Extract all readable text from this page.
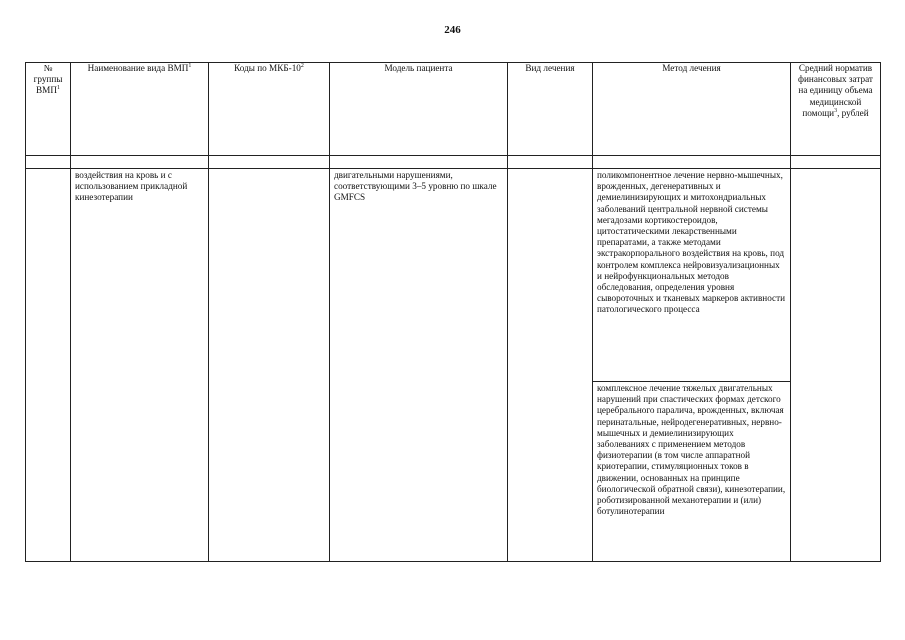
246
№ группы ВМП$^1$	Наименование вида ВМП$^1$	Коды по МКБ-$10^2$	Модель пациента	Вид лечения	Метод лечения	Средний норматив финансовых затрат на единицу объема медицинской помощи$^3$, рублей

	воздействия на кровь и с использованием прикладной кинезотерапии		двигательными нарушениями, соответствующими 3–5 уровню по шкале GMFCS		поликомпонентное лечение нервно-мышечных, врожденных, дегенеративных и демиелинизирующих и митохондриальных заболеваний центральной нервной системы мегадозами кортикостероидов, цитостатическими лекарственными препаратами, а также методами экстракорпорального воздействия на кровь, под контролем комплекса нейровизуализационных и нейрофункциональных методов обследования, определения уровня сывороточных и тканевых маркеров активности патологического процесса	

					комплексное лечение тяжелых двигательных нарушений при спастических формах детского церебрального паралича, врожденных, включая перинатальные, нейродегенеративных, нервно-мышечных и демиелинизирующих заболеваниях с применением методов физиотерапии (в том числе аппаратной криотерапии, стимуляционных токов в движении, основанных на принципе биологической обратной связи), кинезотерапии, роботизированной механотерапии и (или) ботулинотерапии	
